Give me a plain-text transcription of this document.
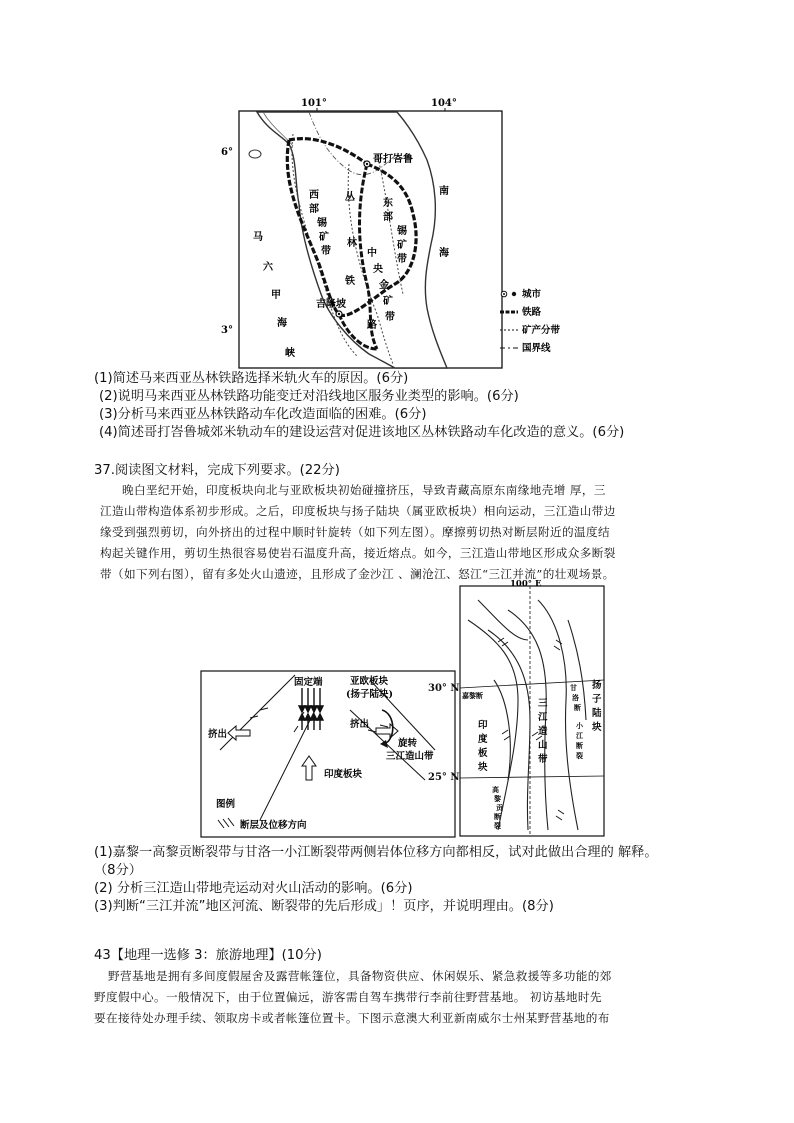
101°	104°
6°
3°
哥打峇鲁
吉隆坡
西
部
锡
矿
带
丛
林
铁
路
东
部
锡
矿
带
中
央
金
矿
带
南
海
马
六
甲
海
峡
城市
铁路
矿产分带
国界线
(1)简述马来西亚丛林铁路选择米轨火车的原因。(6分)
(2)说明马来西亚丛林铁路功能变迁对沿线地区服务业类型的影响。(6分)
(3)分析马来西亚丛林铁路动车化改造面临的困难。(6分)
(4)简述哥打峇鲁城郊米轨动车的建设运营对促进该地区丛林铁路动车化改造的意义。(6分)
37.阅读图文材料，完成下列要求。(22分)
晚白垩纪开始，印度板块向北与亚欧板块初始碰撞挤压，导致青藏高原东南缘地壳增 厚，三
江造山带构造体系初步形成。之后，印度板块与扬子陆块（属亚欧板块）相向运动，三江造山带边
缘受到强烈剪切，向外挤出的过程中顺时针旋转（如下列左图）。摩擦剪切热对断层附近的温度结
构起关键作用，剪切生热很容易使岩石温度升高，接近熔点。如今，三江造山带地区形成众多断裂
带（如下列右图），留有多处火山遗迹，且形成了金沙江 、澜沧江、怒江“三江并流”的壮观场景。
固定端	亚欧板块
(扬子陆块)
挤出
挤出
旋转
三江造山带
印度板块
图例
断层及位移方向
100° E
嘉黎断
甘
洛
断
小
江
断
裂
扬
子
陆
块
印
度
板
块
三
江
造
山
带
高
黎
贡
断
裂
30° N
25° N
(1)嘉黎一高黎贡断裂带与甘洛一小江断裂带两侧岩体位移方向都相反，试对此做出合理的 解释。
（8分）
(2) 分析三江造山带地壳运动对火山活动的影响。(6分)
(3)判断“三江并流”地区河流、断裂带的先后形成」！页序，并说明理由。(8分)
43【地理一选修 3：旅游地理】(10分)
野营基地是拥有多间度假屋舍及露营帐篷位，具备物资供应、休闲娱乐、紧急救援等多功能的郊
野度假中心。一般情况下，由于位置偏远，游客需自驾车携带行李前往野营基地。 初访基地时先
要在接待处办理手续、领取房卡或者帐篷位置卡。下图示意澳大利亚新南威尔士州某野营基地的布
